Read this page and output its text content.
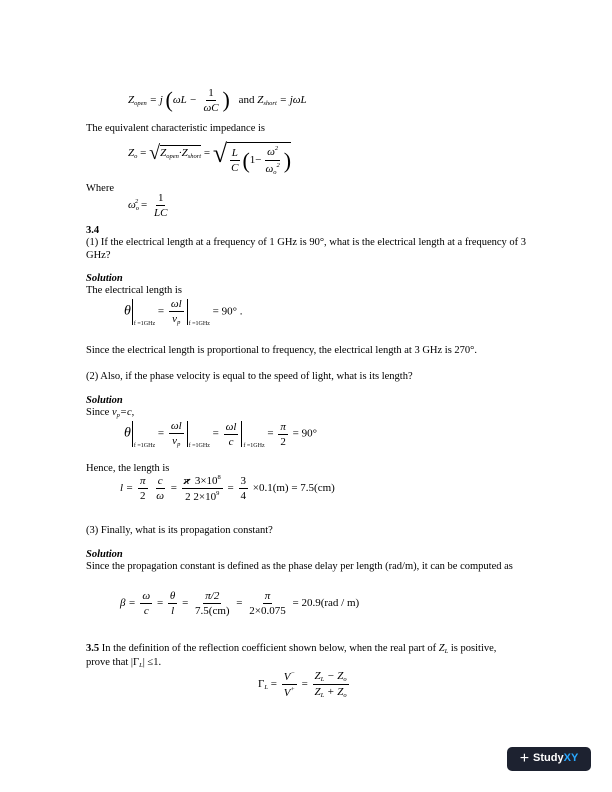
$Z_{open} = j$ ($\omega L - \frac{1}{\omega C}$ ) and $Z_{short} = j\omega L$
The equivalent characteristic impedance is
$Z_o = √Z_{open}\cdot Z_{short}$ = √ $\frac{L}{C}$ ( $1- \frac{\omega^2}{\omega_o^2}$ )
Where
$\omega_o^2 = \frac{1}{LC}$
3.4
(1) If the electrical length at a frequency of 1 GHz is 90°, what is the electrical length at a frequency of 3 GHz?
Solution
The electrical length is
$\theta_{f =1GHz} = \frac{\omega l}{v_p} _{f =1GHz} = 90^\circ$ .
Since the electrical length is proportional to frequency, the electrical length at 3 GHz is 270°.
(2) Also, if the phase velocity is equal to the speed of light, what is its length?
Solution
Since $v_p=c$,
$\theta_{f =1GHz} = \frac{\omega l}{v_p} _{f =1GHz} = \frac{\omega l}{c} _{f =1GHz} = \frac{\pi}{2} = 90^\circ$
Hence, the length is
$l = \frac{\pi}{2}$
$\frac{c}{\omega} = \frac{\pi 3\times 10^8}{2 2\times 10^9} = \frac{3}{4} \times 0.1(m) = 7.5(cm)$
(3) Finally, what is its propagation constant?
Solution
Since the propagation constant is defined as the phase delay per length (rad/m), it can be computed as
$\beta = \frac{\omega}{c} = \frac{\theta}{l} = \frac{\pi/2}{7.5(cm)} = \frac{\pi}{2\times 0.075} = 20.9(rad / m)$
3.5 In the definition of the reflection coefficient shown below, when the real part of $Z_L$ is positive,
prove that $|\Gamma_L| \le 1$.
$\Gamma_L = \frac{V^-}{V^+} = \frac{Z_L - Z_o}{Z_L + Z_o}$
+ StudyXY
